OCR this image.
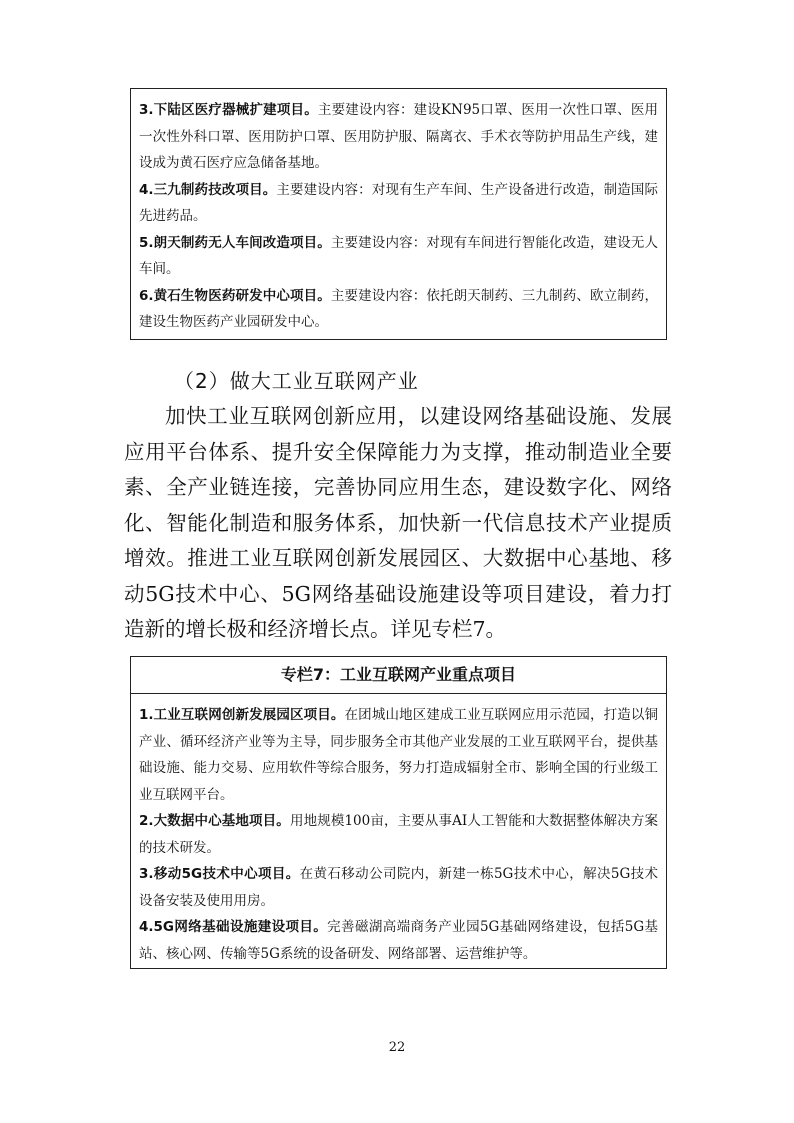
3.下陆区医疗器械扩建项目。主要建设内容：建设KN95口罩、医用一次性口罩、医用一次性外科口罩、医用防护口罩、医用防护服、隔离衣、手术衣等防护用品生产线，建设成为黄石医疗应急储备基地。

4.三九制药技改项目。主要建设内容：对现有生产车间、生产设备进行改造，制造国际先进药品。

5.朗天制药无人车间改造项目。主要建设内容：对现有车间进行智能化改造，建设无人车间。

6.黄石生物医药研发中心项目。主要建设内容：依托朗天制药、三九制药、欧立制药，建设生物医药产业园研发中心。

（2）做大工业互联网产业

加快工业互联网创新应用，以建设网络基础设施、发展应用平台体系、提升安全保障能力为支撑，推动制造业全要素、全产业链连接，完善协同应用生态，建设数字化、网络化、智能化制造和服务体系，加快新一代信息技术产业提质增效。推进工业互联网创新发展园区、大数据中心基地、移动5G技术中心、5G网络基础设施建设等项目建设，着力打造新的增长极和经济增长点。详见专栏7。

专栏7：工业互联网产业重点项目

1.工业互联网创新发展园区项目。在团城山地区建成工业互联网应用示范园，打造以铜产业、循环经济产业等为主导，同步服务全市其他产业发展的工业互联网平台，提供基础设施、能力交易、应用软件等综合服务，努力打造成辐射全市、影响全国的行业级工业互联网平台。

2.大数据中心基地项目。用地规模100亩，主要从事AI人工智能和大数据整体解决方案的技术研发。

3.移动5G技术中心项目。在黄石移动公司院内，新建一栋5G技术中心，解决5G技术设备安装及使用用房。

4.5G网络基础设施建设项目。完善磁湖高端商务产业园5G基础网络建设，包括5G基站、核心网、传输等5G系统的设备研发、网络部署、运营维护等。

22
